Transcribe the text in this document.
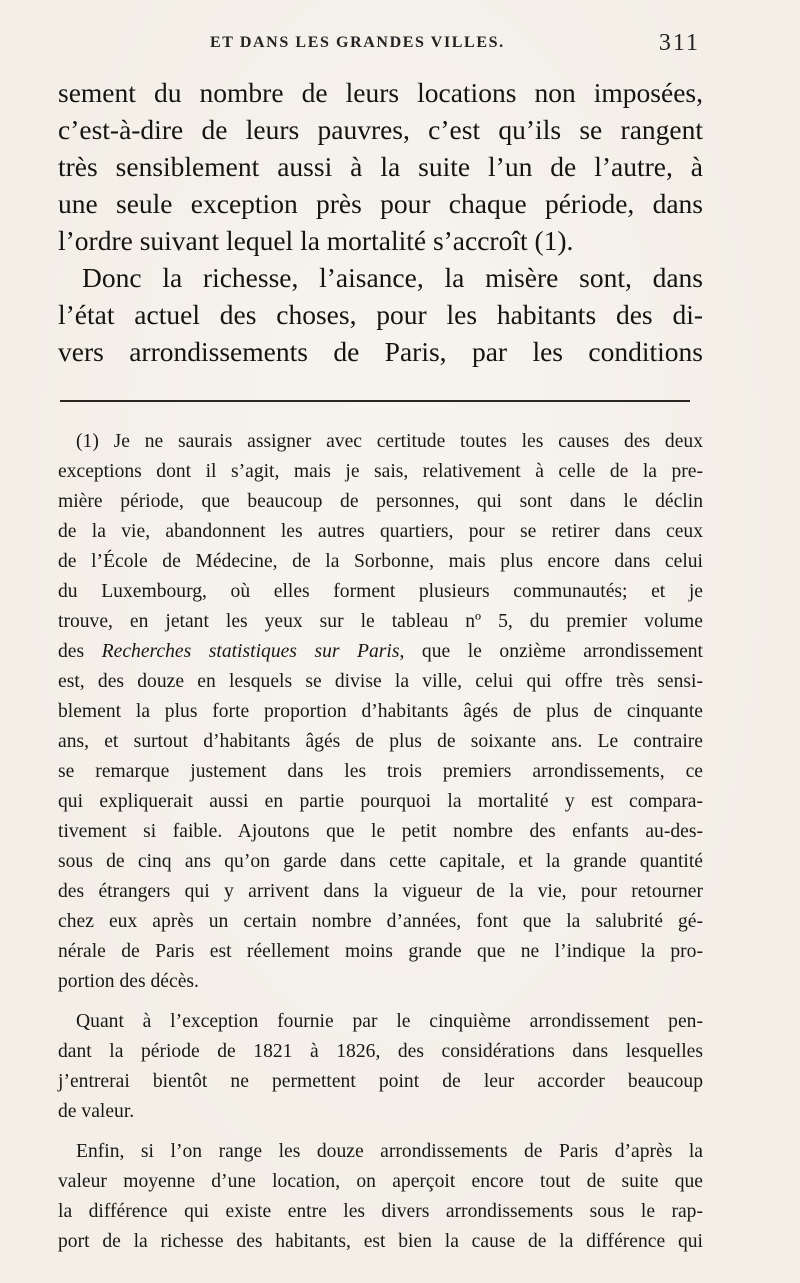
ET DANS LES GRANDES VILLES.	311

sement du nombre de leurs locations non imposées,

c’est-à-dire de leurs pauvres, c’est qu’ils se rangent

très sensiblement aussi à la suite l’un de l’autre, à

une seule exception près pour chaque période, dans

l’ordre suivant lequel la mortalité s’accroît (1).

Donc la richesse, l’aisance, la misère sont, dans

l’état actuel des choses, pour les habitants des di-

vers arrondissements de Paris, par les conditions

(1) Je ne saurais assigner avec certitude toutes les causes des deux
exceptions dont il s’agit, mais je sais, relativement à celle de la pre-
mière période, que beaucoup de personnes, qui sont dans le déclin
de la vie, abandonnent les autres quartiers, pour se retirer dans ceux
de l’École de Médecine, de la Sorbonne, mais plus encore dans celui
du Luxembourg, où elles forment plusieurs communautés; et je
trouve, en jetant les yeux sur le tableau nº 5, du premier volume
des Recherches statistiques sur Paris, que le onzième arrondissement
est, des douze en lesquels se divise la ville, celui qui offre très sensi-
blement la plus forte proportion d’habitants âgés de plus de cinquante
ans, et surtout d’habitants âgés de plus de soixante ans. Le contraire
se remarque justement dans les trois premiers arrondissements, ce
qui expliquerait aussi en partie pourquoi la mortalité y est compara-
tivement si faible. Ajoutons que le petit nombre des enfants au-des-
sous de cinq ans qu’on garde dans cette capitale, et la grande quantité
des étrangers qui y arrivent dans la vigueur de la vie, pour retourner
chez eux après un certain nombre d’années, font que la salubrité gé-
nérale de Paris est réellement moins grande que ne l’indique la pro-
portion des décès.
Quant à l’exception fournie par le cinquième arrondissement pen-
dant la période de 1821 à 1826, des considérations dans lesquelles
j’entrerai bientôt ne permettent point de leur accorder beaucoup
de valeur.
Enfin, si l’on range les douze arrondissements de Paris d’après la
valeur moyenne d’une location, on aperçoit encore tout de suite que
la différence qui existe entre les divers arrondissements sous le rap-
port de la richesse des habitants, est bien la cause de la différence qui
